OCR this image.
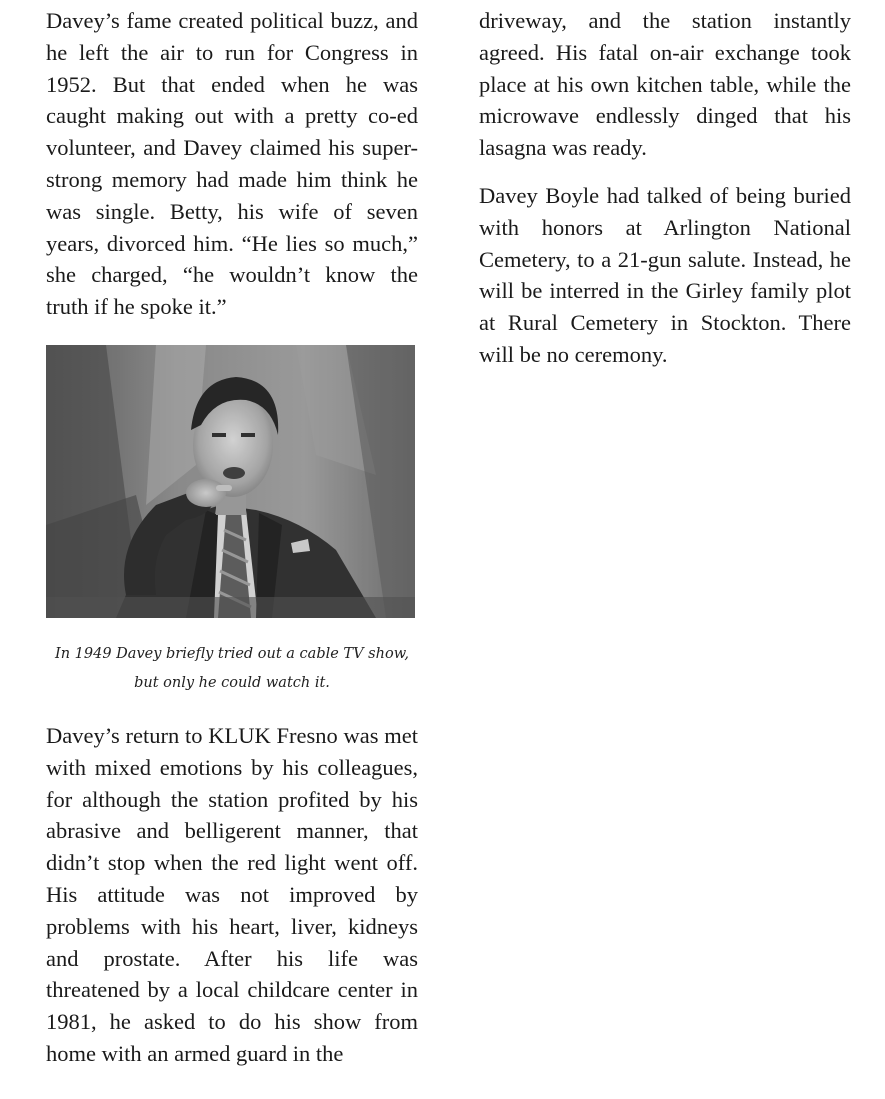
Davey’s fame created political buzz, and he left the air to run for Congress in 1952. But that ended when he was caught making out with a pretty co-ed volunteer, and Davey claimed his super-strong memory had made him think he was single. Betty, his wife of seven years, divorced him. “He lies so much,” she charged, “he wouldn’t know the truth if he spoke it.”

In 1949 Davey briefly tried out a cable TV show, but only he could watch it.

Davey’s return to KLUK Fresno was met with mixed emotions by his colleagues, for although the station profited by his abrasive and belligerent manner, that didn’t stop when the red light went off. His attitude was not improved by problems with his heart, liver, kidneys and prostate. After his life was threatened by a local childcare center in 1981, he asked to do his show from home with an armed guard in the

driveway, and the station instantly agreed. His fatal on-air exchange took place at his own kitchen table, while the microwave endlessly dinged that his lasagna was ready.

Davey Boyle had talked of being buried with honors at Arlington National Cemetery, to a 21-gun salute. Instead, he will be interred in the Girley family plot at Rural Cemetery in Stockton. There will be no ceremony.
